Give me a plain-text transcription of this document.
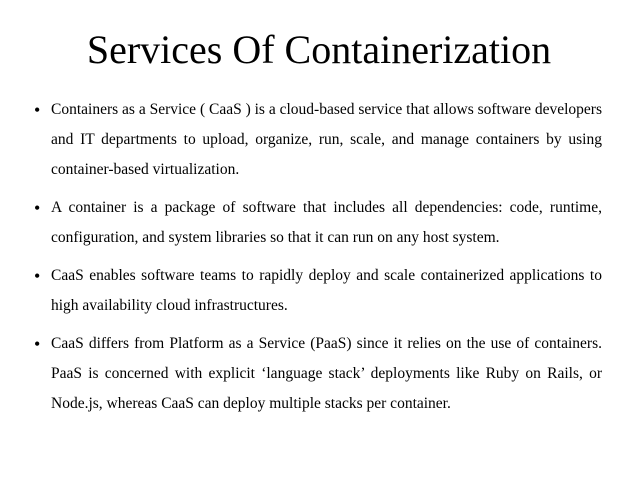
Services Of Containerization
• Containers as a Service ( CaaS ) is a cloud-based service that allows software developers and IT departments to upload, organize, run, scale, and manage containers by using container-based virtualization.
• A container is a package of software that includes all dependencies: code, runtime, configuration, and system libraries so that it can run on any host system.
• CaaS enables software teams to rapidly deploy and scale containerized applications to high availability cloud infrastructures.
• CaaS differs from Platform as a Service (PaaS) since it relies on the use of containers. PaaS is concerned with explicit ‘language stack’ deployments like Ruby on Rails, or Node.js, whereas CaaS can deploy multiple stacks per container.
